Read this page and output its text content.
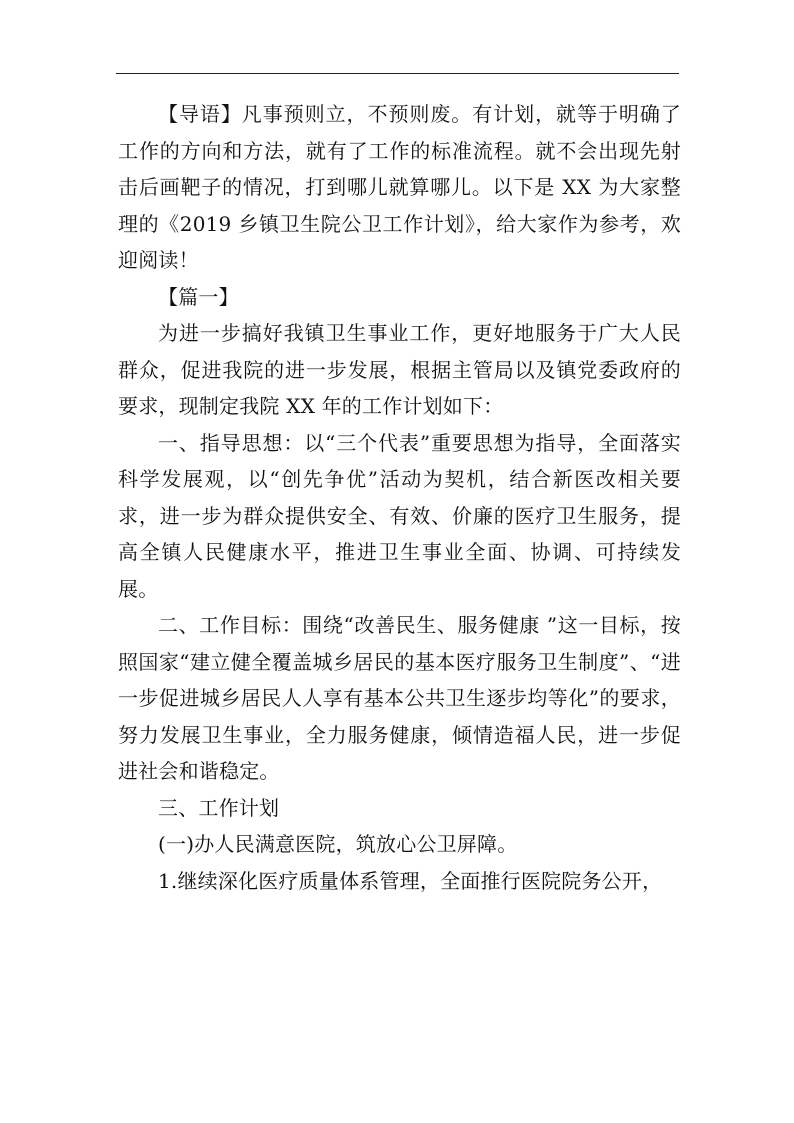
【导语】凡事预则立，不预则废。有计划，就等于明确了工作的方向和方法，就有了工作的标准流程。就不会出现先射击后画靶子的情况，打到哪儿就算哪儿。以下是 XX 为大家整理的《2019 乡镇卫生院公卫工作计划》，给大家作为参考，欢迎阅读！

【篇一】

为进一步搞好我镇卫生事业工作，更好地服务于广大人民群众，促进我院的进一步发展，根据主管局以及镇党委政府的要求，现制定我院 XX 年的工作计划如下：

一、指导思想：以“三个代表”重要思想为指导，全面落实科学发展观，以“创先争优”活动为契机，结合新医改相关要求，进一步为群众提供安全、有效、价廉的医疗卫生服务，提高全镇人民健康水平，推进卫生事业全面、协调、可持续发展。

二、工作目标：围绕“改善民生、服务健康 ”这一目标，按照国家“建立健全覆盖城乡居民的基本医疗服务卫生制度”、“进一步促进城乡居民人人享有基本公共卫生逐步均等化”的要求，努力发展卫生事业，全力服务健康，倾情造福人民，进一步促进社会和谐稳定。

三、工作计划

(一)办人民满意医院，筑放心公卫屏障。

1.继续深化医疗质量体系管理，全面推行医院院务公开，
